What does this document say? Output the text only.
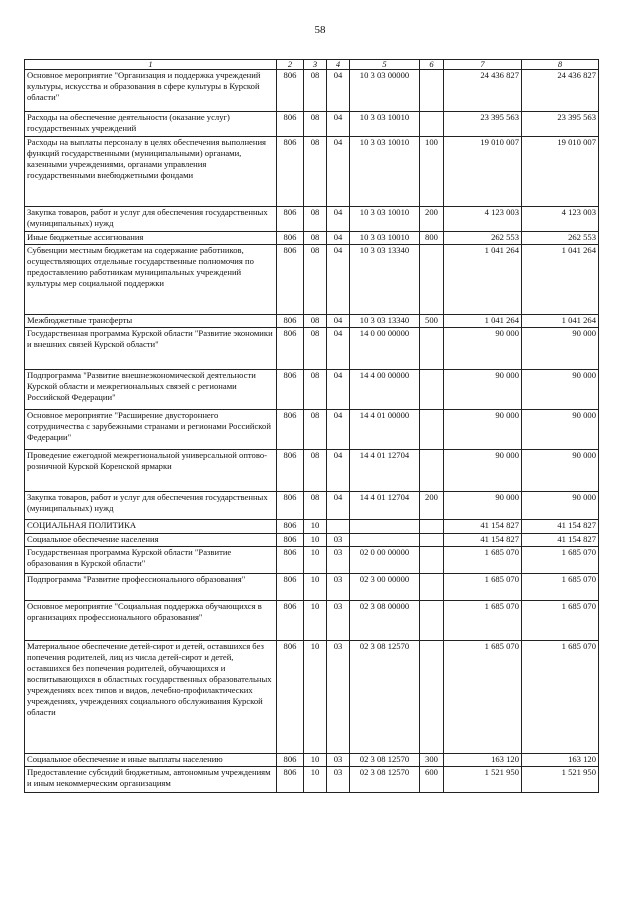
58
1	2	3	4	5	6	7	8
Основное мероприятие "Организация и поддержка учреждений культуры, искусства и образования в сфере культуры в Курской области"	806	08	04	10 3 03 00000		24 436 827	24 436 827
Расходы на обеспечение деятельности (оказание услуг) государственных учреждений	806	08	04	10 3 03 10010		23 395 563	23 395 563
Расходы на выплаты персоналу в целях обеспечения выполнения функций государственными (муниципальными) органами, казенными учреждениями, органами управления государственными внебюджетными фондами	806	08	04	10 3 03 10010	100	19 010 007	19 010 007
Закупка товаров, работ и услуг для обеспечения государственных (муниципальных) нужд	806	08	04	10 3 03 10010	200	4 123 003	4 123 003
Иные бюджетные ассигнования	806	08	04	10 3 03 10010	800	262 553	262 553
Субвенции местным бюджетам на содержание работников, осуществляющих отдельные государственные полномочия по предоставлению работникам муниципальных учреждений культуры мер социальной поддержки	806	08	04	10 3 03 13340		1 041 264	1 041 264
Межбюджетные трансферты	806	08	04	10 3 03 13340	500	1 041 264	1 041 264
Государственная программа Курской области "Развитие экономики и внешних связей Курской области"	806	08	04	14 0 00 00000		90 000	90 000
Подпрограмма "Развитие внешнеэкономической деятельности Курской области и межрегиональных связей с регионами Российской Федерации"	806	08	04	14 4 00 00000		90 000	90 000
Основное мероприятие "Расширение двустороннего сотрудничества с зарубежными странами и регионами Российской Федерации"	806	08	04	14 4 01 00000		90 000	90 000
Проведение ежегодной межрегиональной универсальной оптово-розничной Курской Коренской ярмарки	806	08	04	14 4 01 12704		90 000	90 000
Закупка товаров, работ и услуг для обеспечения государственных (муниципальных) нужд	806	08	04	14 4 01 12704	200	90 000	90 000
СОЦИАЛЬНАЯ ПОЛИТИКА	806	10				41 154 827	41 154 827
Социальное обеспечение населения	806	10	03			41 154 827	41 154 827
Государственная программа Курской области "Развитие образования в Курской области"	806	10	03	02 0 00 00000		1 685 070	1 685 070
Подпрограмма "Развитие профессионального образования"	806	10	03	02 3 00 00000		1 685 070	1 685 070
Основное мероприятие "Социальная поддержка обучающихся в организациях профессионального образования"	806	10	03	02 3 08 00000		1 685 070	1 685 070
Материальное обеспечение детей-сирот и детей, оставшихся без попечения родителей, лиц из числа детей-сирот и детей, оставшихся без попечения родителей, обучающихся и воспитывающихся в областных государственных образовательных учреждениях всех типов и видов, лечебно-профилактических учреждениях, учреждениях социального обслуживания Курской области	806	10	03	02 3 08 12570		1 685 070	1 685 070
Социальное обеспечение и иные выплаты населению	806	10	03	02 3 08 12570	300	163 120	163 120
Предоставление субсидий бюджетным, автономным учреждениям и иным некоммерческим организациям	806	10	03	02 3 08 12570	600	1 521 950	1 521 950
